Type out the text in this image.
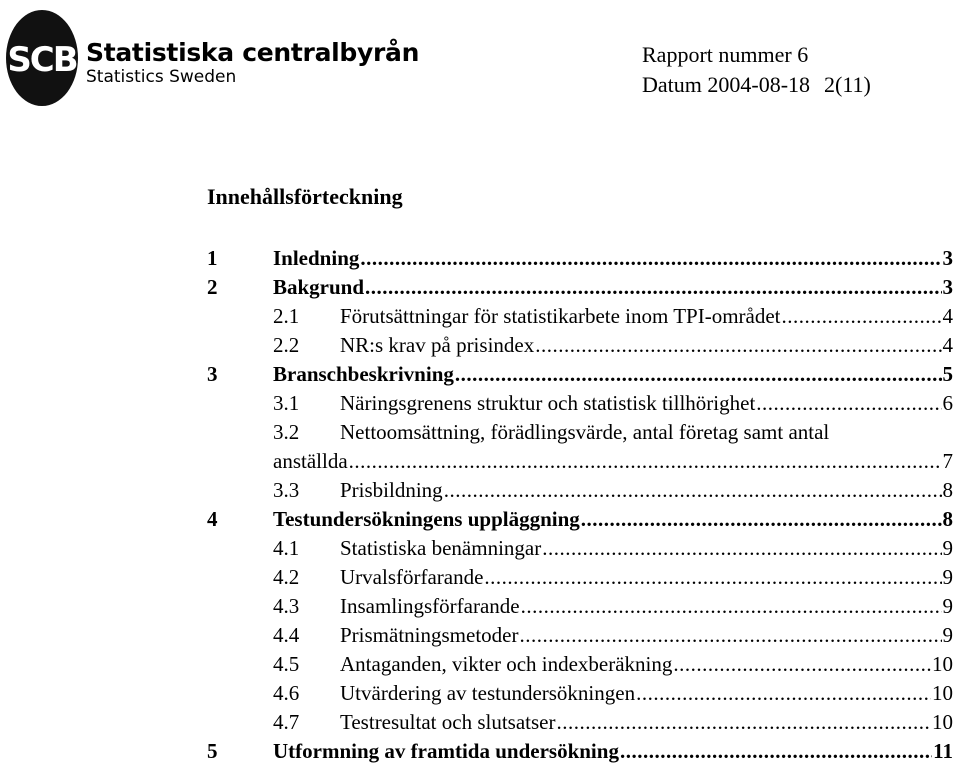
SCB Statistiska centralbyrån
Statistics Sweden
Rapport nummer 6
Datum 2004-08-18 2(11)
Innehållsförteckning
1	Inledning .....	3
2	Bakgrund .....	3
2.1 Förutsättningar för statistikarbete inom TPI-området .....	4
2.2 NR:s krav på prisindex .....	4
3	Branschbeskrivning .....	5
3.1 Näringsgrenens struktur och statistisk tillhörighet .....	6
3.2 Nettoomsättning, förädlingsvärde, antal företag samt antal
anställda .....	7
3.3 Prisbildning .....	8
4	Testundersökningens uppläggning .....	8
4.1 Statistiska benämningar .....	9
4.2 Urvalsförfarande .....	9
4.3 Insamlingsförfarande .....	9
4.4 Prismätningsmetoder .....	9
4.5 Antaganden, vikter och indexberäkning .....	10
4.6 Utvärdering av testundersökningen .....	10
4.7 Testresultat och slutsatser .....	10
5	Utformning av framtida undersökning .....	11
